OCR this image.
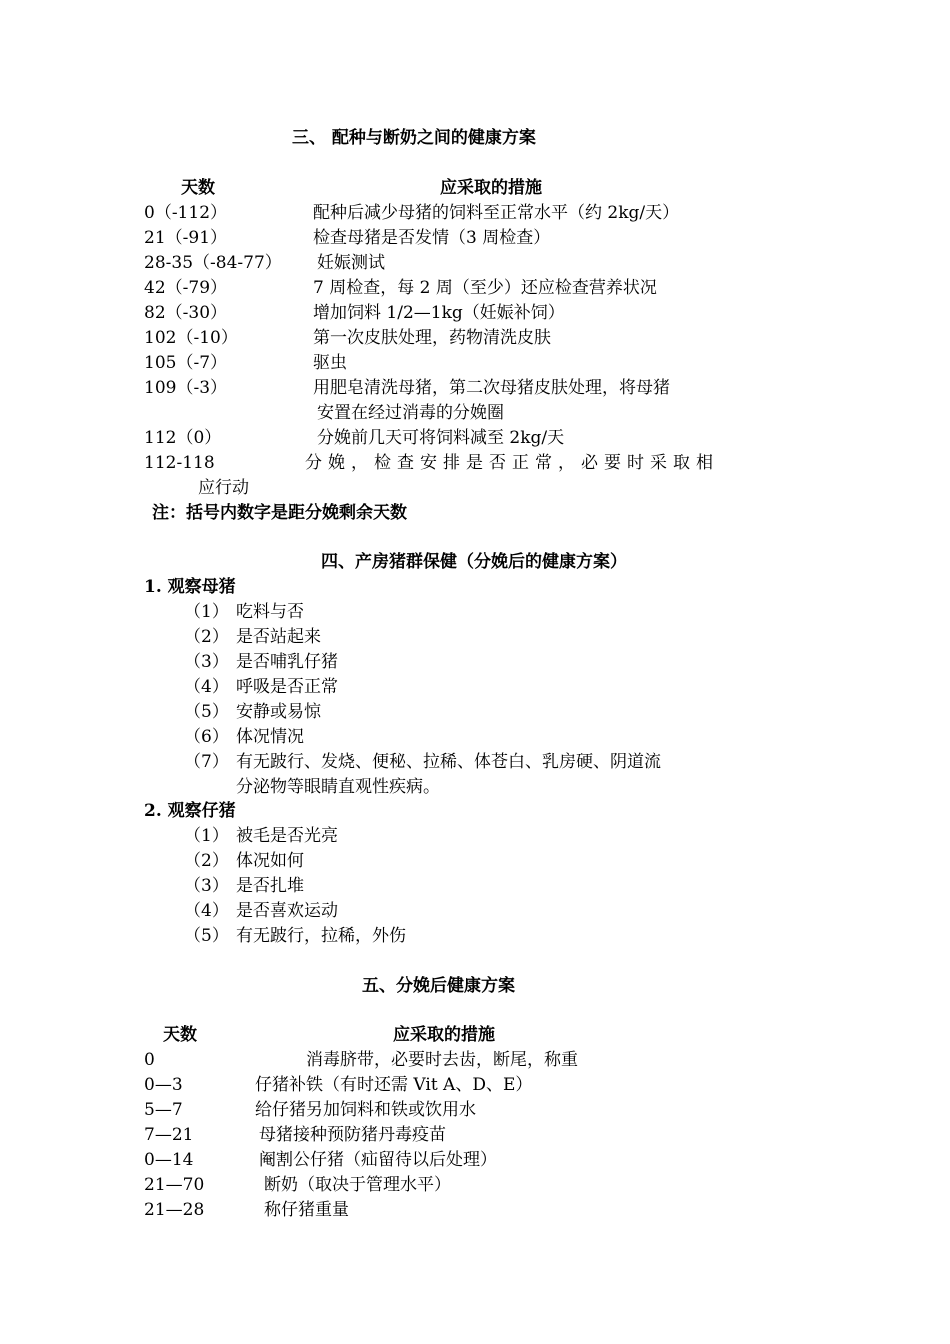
三、 配种与断奶之间的健康方案
天数	应采取的措施
0（-112）	配种后减少母猪的饲料至正常水平（约 2kg/天）
21（-91）	检查母猪是否发情（3 周检查）
28-35（-84-77） 妊娠测试
42（-79）	7 周检查，每 2 周（至少）还应检查营养状况
82（-30）	增加饲料 1/2—1kg（妊娠补饲）
102（-10）	第一次皮肤处理，药物清洗皮肤
105（-7）	驱虫
109（-3）	用肥皂清洗母猪，第二次母猪皮肤处理，将母猪
安置在经过消毒的分娩圈
112（0）	分娩前几天可将饲料减至 2kg/天
112-118	分娩，检查安排是否正常，必要时采取相
应行动
注：括号内数字是距分娩剩余天数
四、产房猪群保健（分娩后的健康方案）
1. 观察母猪
（1） 吃料与否
（2） 是否站起来
（3） 是否哺乳仔猪
（4） 呼吸是否正常
（5） 安静或易惊
（6） 体况情况
（7） 有无跛行、发烧、便秘、拉稀、体苍白、乳房硬、阴道流
分泌物等眼睛直观性疾病。
2. 观察仔猪
（1） 被毛是否光亮
（2） 体况如何
（3） 是否扎堆
（4） 是否喜欢运动
（5） 有无跛行，拉稀，外伤
五、分娩后健康方案
天数	应采取的措施
0	消毒脐带，必要时去齿，断尾，称重
0—3	仔猪补铁（有时还需 Vit A、D、E）
5—7	给仔猪另加饲料和铁或饮用水
7—21	母猪接种预防猪丹毒疫苗
0—14	阉割公仔猪（疝留待以后处理）
21—70	断奶（取决于管理水平）
21—28	称仔猪重量
